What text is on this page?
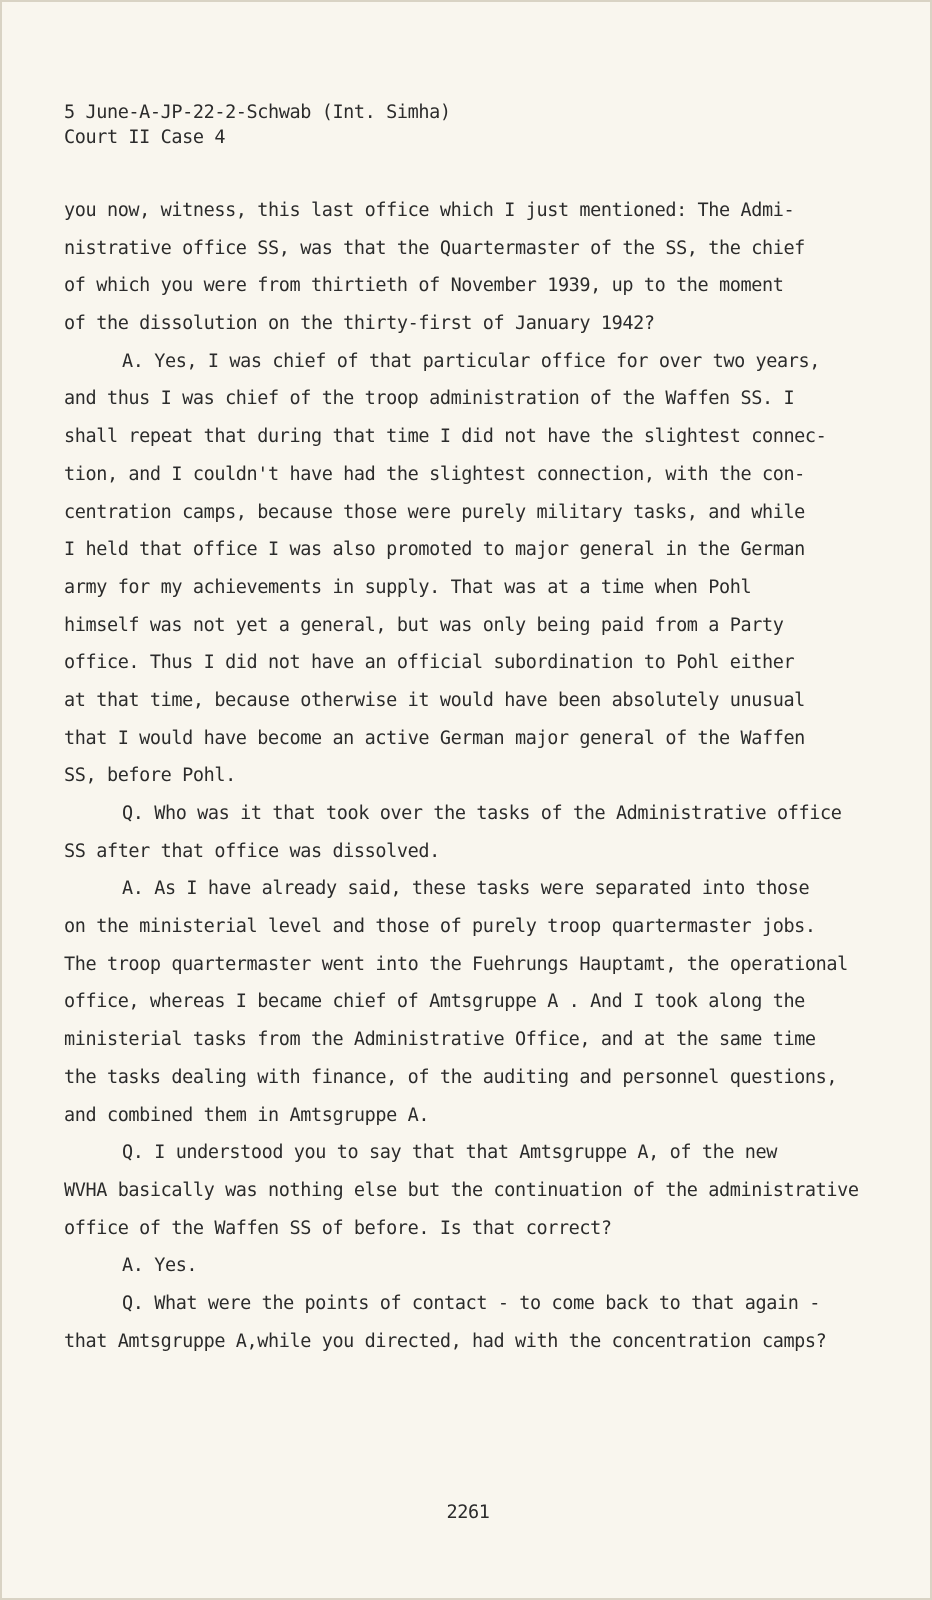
5 June-A-JP-22-2-Schwab (Int. Simha)
Court II Case 4
you now, witness, this last office which I just mentioned: The Admi-
nistrative office SS, was that the Quartermaster of the SS, the chief
of which you were from thirtieth of November 1939, up to the moment
of the dissolution on the thirty-first of January 1942?
A. Yes, I was chief of that particular office for over two years,
and thus I was chief of the troop administration of the Waffen SS. I
shall repeat that during that time I did not have the slightest connec-
tion, and I couldn't have had the slightest connection, with the con-
centration camps, because those were purely military tasks, and while
I held that office I was also promoted to major general in the German
army for my achievements in supply. That was at a time when Pohl
himself was not yet a general, but was only being paid from a Party
office. Thus I did not have an official subordination to Pohl either
at that time, because otherwise it would have been absolutely unusual
that I would have become an active German major general of the Waffen
SS, before Pohl.
Q. Who was it that took over the tasks of the Administrative office
SS after that office was dissolved.
A. As I have already said, these tasks were separated into those
on the ministerial level and those of purely troop quartermaster jobs.
The troop quartermaster went into the Fuehrungs Hauptamt, the operational
office, whereas I became chief of Amtsgruppe A . And I took along the
ministerial tasks from the Administrative Office, and at the same time
the tasks dealing with finance, of the auditing and personnel questions,
and combined them in Amtsgruppe A.
Q. I understood you to say that that Amtsgruppe A, of the new
WVHA basically was nothing else but the continuation of the administrative
office of the Waffen SS of before. Is that correct?
A. Yes.
Q. What were the points of contact - to come back to that again -
that Amtsgruppe A,while you directed, had with the concentration camps?
2261
